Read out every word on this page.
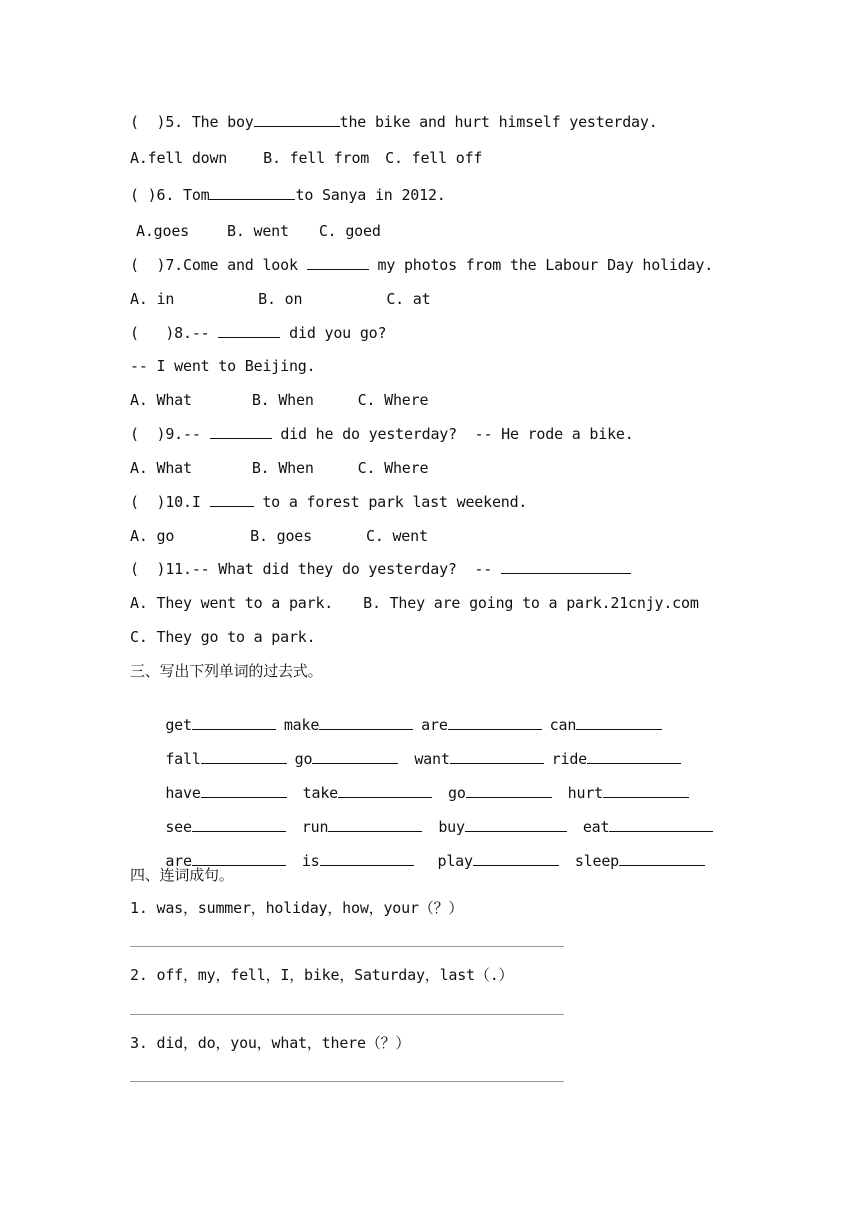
(  )5. The boy	the bike and hurt himself yesterday.
A.fell down B. fell from C. fell off
( )6. Tom	to Sanya in 2012.
A.goes	B. went C. goed
(  )7.Come and look	my photos from the Labour Day holiday.
A. in	B. on	C. at
(   )8.--	did you go?
-- I went to Beijing.
A. What	B. When	C. Where
(  )9.--	did he do yesterday?  -- He rode a bike.
A. What	B. When	C. Where
(  )10.I	to a forest park last weekend.
A. go	B. goes	C. went
(  )11.-- What did they do yesterday?  --
A. They went to a park. B. They are going to a park.21cnjy.com
C. They go to a park.
三、写出下列单词的过去式。

get	make	are	can

fall	go	want	ride

have	take	go	hurt

see	run	buy	eat

are	is	play	sleep

四、连词成句。
1. was，summer，holiday，how，your（？）
2. off，my，fell，I，bike，Saturday，last（.）
3. did，do，you，what，there（？）
